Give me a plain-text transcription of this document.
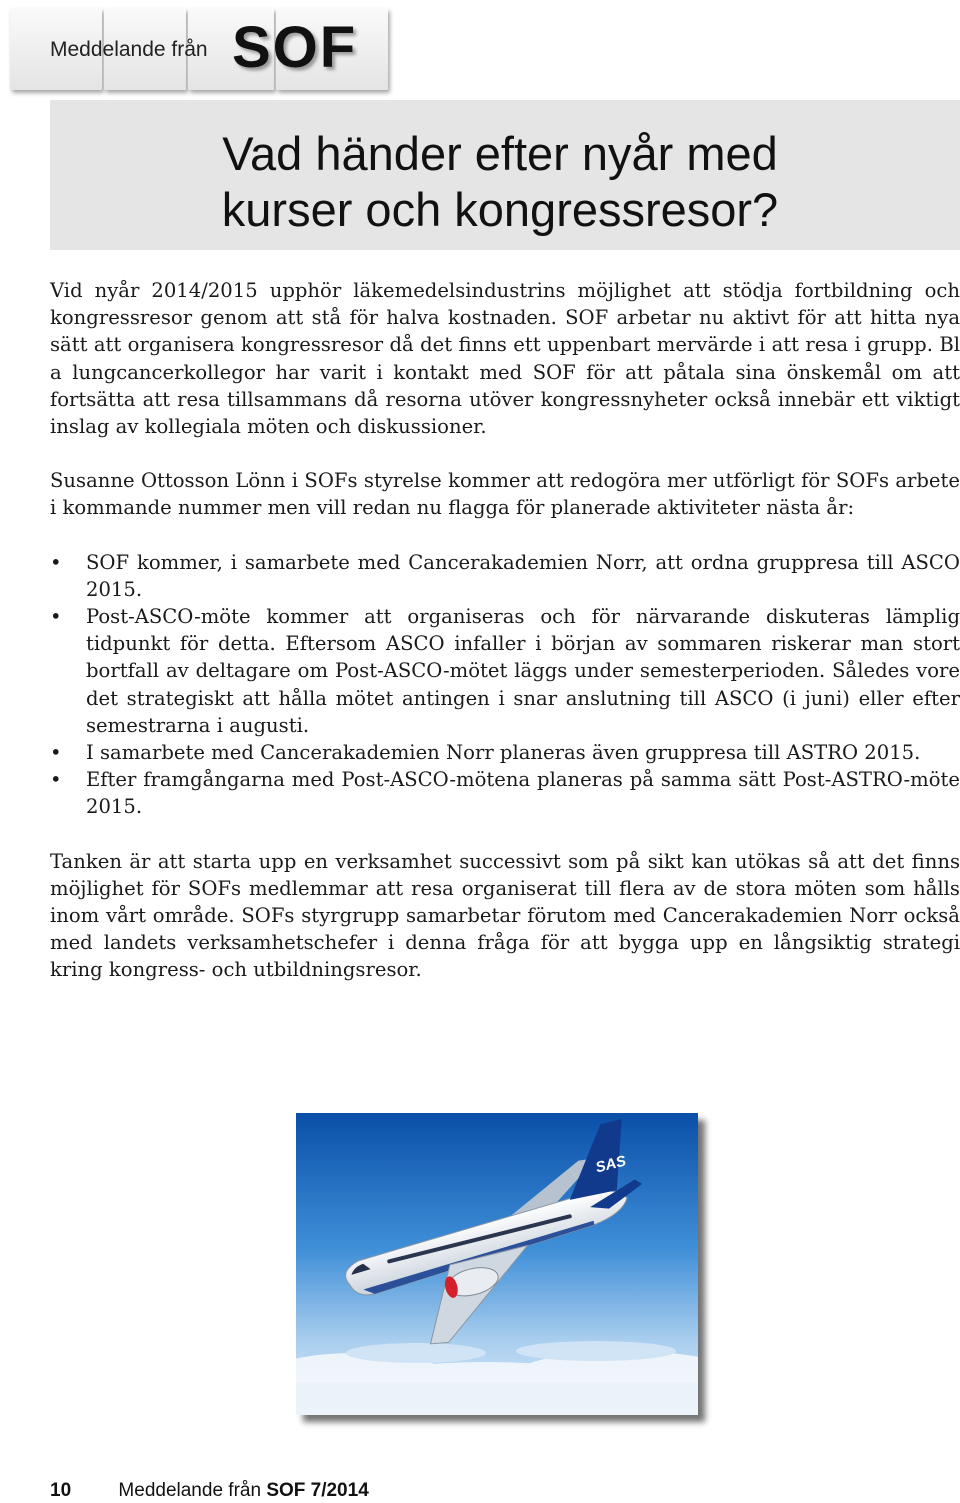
Meddelande från SOF
Vad händer efter nyår med
kurser och kongressresor?

Vid nyår 2014/2015 upphör läkemedelsindustrins möjlighet att stödja fortbildning och kongressresor genom att stå för halva kostnaden. SOF arbetar nu aktivt för att hitta nya sätt att organisera kongressresor då det finns ett uppenbart mervärde i att resa i grupp. Bl a lungcancerkollegor har varit i kontakt med SOF för att påtala sina önskemål om att fortsätta att resa tillsammans då resorna utöver kongressnyheter också innebär ett viktigt inslag av kollegiala möten och diskussioner.

Susanne Ottosson Lönn i SOFs styrelse kommer att redogöra mer utförligt för SOFs arbete i kommande nummer men vill redan nu flagga för planerade aktiviteter nästa år:

• SOF kommer, i samarbete med Cancerakademien Norr, att ordna gruppresa till ASCO 2015.
• Post-ASCO-möte kommer att organiseras och för närvarande diskuteras lämplig tidpunkt för detta. Eftersom ASCO infaller i början av sommaren riskerar man stort bortfall av deltagare om Post-ASCO-mötet läggs under semesterperioden. Således vore det strategiskt att hålla mötet antingen i snar anslutning till ASCO (i juni) eller efter semestrarna i augusti.
• I samarbete med Cancerakademien Norr planeras även gruppresa till ASTRO 2015.
• Efter framgångarna med Post-ASCO-mötena planeras på samma sätt Post-ASTRO-möte 2015.

Tanken är att starta upp en verksamhet successivt som på sikt kan utökas så att det finns möjlighet för SOFs medlemmar att resa organiserat till flera av de stora möten som hålls inom vårt område. SOFs styrgrupp samarbetar förutom med Cancerakademien Norr också med landets verksamhetschefer i denna fråga för att bygga upp en långsiktig strategi kring kongress- och utbildningsresor.

SAS
10 Meddelande från SOF 7/2014
